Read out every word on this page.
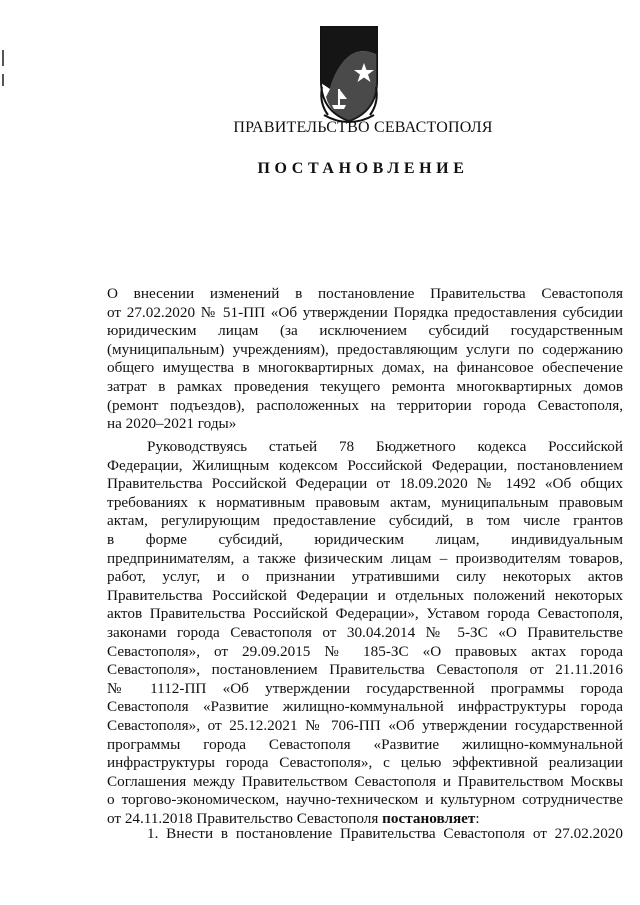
ПРАВИТЕЛЬСТВО СЕВАСТОПОЛЯ
ПОСТАНОВЛЕНИЕ
О внесении изменений в постановление Правительства Севастополя
от 27.02.2020 № 51-ПП «Об утверждении Порядка предоставления субсидии
юридическим лицам (за исключением субсидий государственным
(муниципальным) учреждениям), предоставляющим услуги по содержанию
общего имущества в многоквартирных домах, на финансовое обеспечение
затрат в рамках проведения текущего ремонта многоквартирных домов
(ремонт подъездов), расположенных на территории города Севастополя,
на 2020–2021 годы»
Руководствуясь статьей 78 Бюджетного кодекса Российской
Федерации, Жилищным кодексом Российской Федерации, постановлением
Правительства Российской Федерации от 18.09.2020 № 1492 «Об общих
требованиях к нормативным правовым актам, муниципальным правовым
актам, регулирующим предоставление субсидий, в том числе грантов
в форме субсидий, юридическим лицам, индивидуальным
предпринимателям, а также физическим лицам – производителям товаров,
работ, услуг, и о признании утратившими силу некоторых актов
Правительства Российской Федерации и отдельных положений некоторых
актов Правительства Российской Федерации», Уставом города Севастополя,
законами города Севастополя от 30.04.2014 № 5-ЗС «О Правительстве
Севастополя», от 29.09.2015 № 185-ЗС «О правовых актах города
Севастополя», постановлением Правительства Севастополя от 21.11.2016
№ 1112-ПП «Об утверждении государственной программы города
Севастополя «Развитие жилищно-коммунальной инфраструктуры города
Севастополя», от 25.12.2021 № 706-ПП «Об утверждении государственной
программы города Севастополя «Развитие жилищно-коммунальной
инфраструктуры города Севастополя», с целью эффективной реализации
Соглашения между Правительством Севастополя и Правительством Москвы
о торгово-экономическом, научно-техническом и культурном сотрудничестве
от 24.11.2018 Правительство Севастополя постановляет:
1. Внести в постановление Правительства Севастополя от 27.02.2020
